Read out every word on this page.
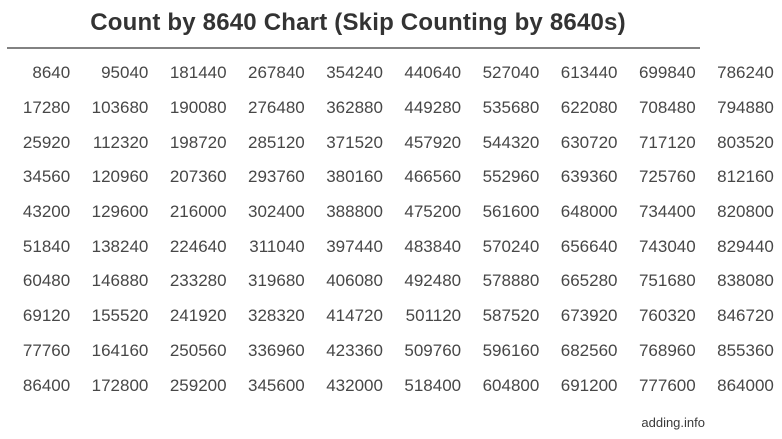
Count by 8640 Chart (Skip Counting by 8640s)
8640	95040	181440	267840	354240	440640	527040	613440	699840	786240
17280	103680	190080	276480	362880	449280	535680	622080	708480	794880
25920	112320	198720	285120	371520	457920	544320	630720	717120	803520
34560	120960	207360	293760	380160	466560	552960	639360	725760	812160
43200	129600	216000	302400	388800	475200	561600	648000	734400	820800
51840	138240	224640	311040	397440	483840	570240	656640	743040	829440
60480	146880	233280	319680	406080	492480	578880	665280	751680	838080
69120	155520	241920	328320	414720	501120	587520	673920	760320	846720
77760	164160	250560	336960	423360	509760	596160	682560	768960	855360
86400	172800	259200	345600	432000	518400	604800	691200	777600	864000
adding.info
